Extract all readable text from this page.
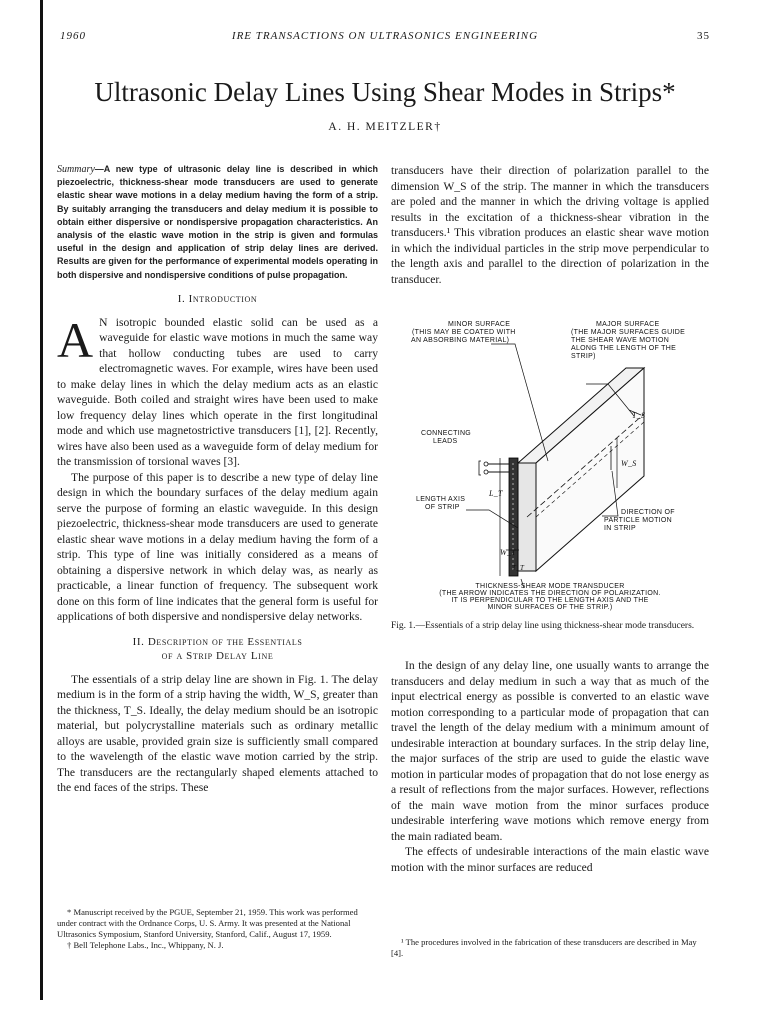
1960	IRE TRANSACTIONS ON ULTRASONICS ENGINEERING	35
Ultrasonic Delay Lines Using Shear Modes in Strips*
A. H. MEITZLER†
Summary—A new type of ultrasonic delay line is described in which piezoelectric, thickness-shear mode transducers are used to generate elastic shear wave motions in a delay medium having the form of a strip. By suitably arranging the transducers and delay medium it is possible to obtain either dispersive or nondispersive propagation characteristics. An analysis of the elastic wave motion in the strip is given and formulas useful in the design and application of strip delay lines are derived. Results are given for the performance of experimental models operating in both dispersive and nondispersive conditions of pulse propagation.
I. Introduction

A N isotropic bounded elastic solid can be used as a waveguide for elastic wave motions in much the same way that hollow conducting tubes are used to carry electromagnetic waves. For example, wires have been used to make delay lines in which the delay medium acts as an elastic waveguide. Both coiled and straight wires have been used to make low frequency delay lines which operate in the first longitudinal mode and which use magnetostrictive transducers [1], [2]. Recently, wires have also been used as a waveguide form of delay medium for the transmission of torsional waves [3].

The purpose of this paper is to describe a new type of delay line design in which the boundary surfaces of the delay medium again serve the purpose of forming an elastic waveguide. In this design piezoelectric, thickness-shear mode transducers are used to generate elastic shear wave motions in a delay medium having the form of a strip. This type of line was initially considered as a means of obtaining a dispersive network in which delay was, as nearly as practicable, a linear function of frequency. The subsequent work done on this form of line indicates that the general form is useful for applications of both dispersive and nondispersive delay networks.

II. Description of the Essentials
of a Strip Delay Line

The essentials of a strip delay line are shown in Fig. 1. The delay medium is in the form of a strip having the width, W_S, greater than the thickness, T_S. Ideally, the delay medium should be an isotropic material, but polycrystalline materials such as ordinary metallic alloys are usable, provided grain size is sufficiently small compared to the wavelength of the elastic wave motion carried by the strip. The transducers are the rectangularly shaped elements attached to the end faces of the strips. These

* Manuscript received by the PGUE, September 21, 1959. This work was performed under contract with the Ordnance Corps, U. S. Army. It was presented at the National Ultrasonics Symposium, Stanford University, Stanford, Calif., August 17, 1959.

† Bell Telephone Labs., Inc., Whippany, N. J.

transducers have their direction of polarization parallel to the dimension W_S of the strip. The manner in which the transducers are poled and the manner in which the driving voltage is applied results in the excitation of a thickness-shear vibration in the transducers.¹ This vibration produces an elastic shear wave motion in which the individual particles in the strip move perpendicular to the length axis and parallel to the direction of polarization in the transducer.
T_S
W_S
L_T
W_T
T_T
MINOR SURFACE
(THIS MAY BE COATED WITH
AN ABSORBING MATERIAL)
MAJOR SURFACE
(THE MAJOR SURFACES GUIDE
THE SHEAR WAVE MOTION
ALONG THE LENGTH OF THE
STRIP)
CONNECTING
LEADS
LENGTH AXIS
OF STRIP
DIRECTION OF
PARTICLE MOTION
IN STRIP
THICKNESS-SHEAR MODE TRANSDUCER
(THE ARROW INDICATES THE DIRECTION OF POLARIZATION.
IT IS PERPENDICULAR TO THE LENGTH AXIS AND THE
MINOR SURFACES OF THE STRIP.)
Fig. 1.—Essentials of a strip delay line using thickness-shear mode transducers.

In the design of any delay line, one usually wants to arrange the transducers and delay medium in such a way that as much of the input electrical energy as possible is converted to an elastic wave motion corresponding to a particular mode of propagation that can travel the length of the delay medium with a minimum amount of undesirable interaction at boundary surfaces. In the strip delay line, the major surfaces of the strip are used to guide the elastic wave motion in particular modes of propagation that do not lose energy as a result of reflections from the major surfaces. However, reflections of the main wave motion from the minor surfaces produce undesirable interfering wave motions which remove energy from the main radiated beam.

The effects of undesirable interactions of the main elastic wave motion with the minor surfaces are reduced

¹ The procedures involved in the fabrication of these transducers are described in May [4].
